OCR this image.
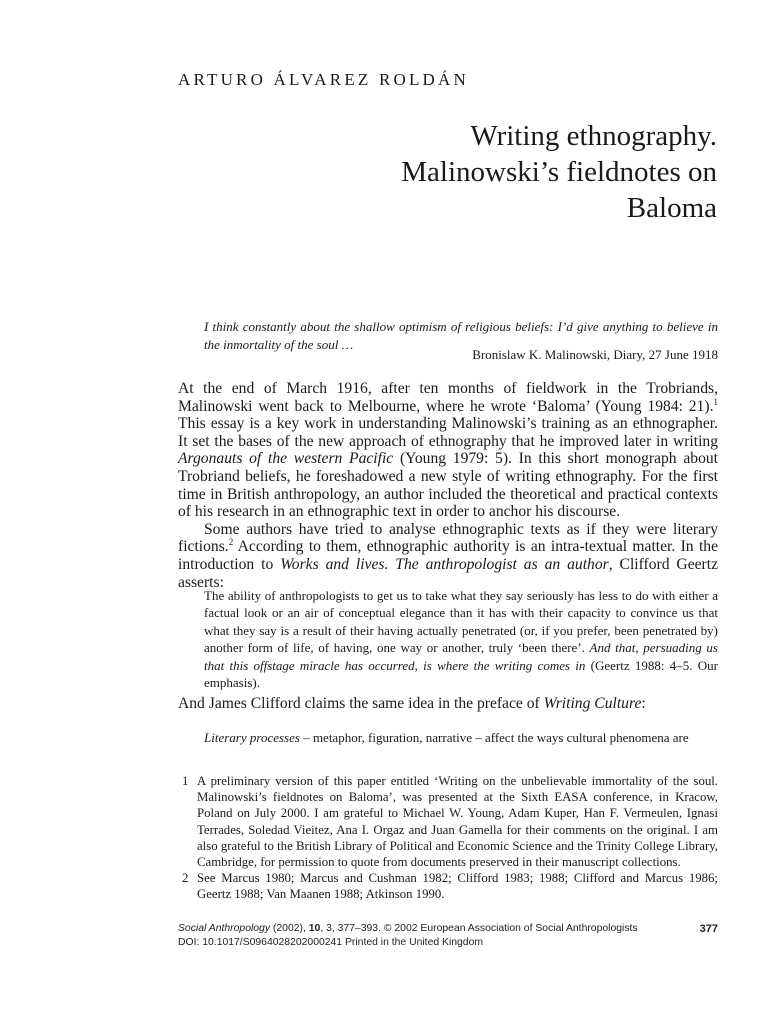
ARTURO ÁLVAREZ ROLDÁN
Writing ethnography.
Malinowski’s fieldnotes on
Baloma
I think constantly about the shallow optimism of religious beliefs: I’d give anything to believe in the inmortality of the soul …
Bronislaw K. Malinowski, Diary, 27 June 1918

At the end of March 1916, after ten months of fieldwork in the Trobriands, Malinowski went back to Melbourne, where he wrote ‘Baloma’ (Young 1984: 21).$^1$ This essay is a key work in understanding Malinowski’s training as an ethnographer. It set the bases of the new approach of ethnography that he improved later in writing Argonauts of the western Pacific (Young 1979: 5). In this short monograph about Trobriand beliefs, he foreshadowed a new style of writing ethnography. For the first time in British anthropology, an author included the theoretical and practical contexts of his research in an ethnographic text in order to anchor his discourse.

Some authors have tried to analyse ethnographic texts as if they were literary fictions.$^2$ According to them, ethnographic authority is an intra-textual matter. In the introduction to Works and lives. The anthropologist as an author, Clifford Geertz asserts:

The ability of anthropologists to get us to take what they say seriously has less to do with either a factual look or an air of conceptual elegance than it has with their capacity to convince us that what they say is a result of their having actually penetrated (or, if you prefer, been penetrated by) another form of life, of having, one way or another, truly ‘been there’. And that, persuading us that this offstage miracle has occurred, is where the writing comes in (Geertz 1988: 4–5. Our emphasis).
And James Clifford claims the same idea in the preface of Writing Culture:
Literary processes – metaphor, figuration, narrative – affect the ways cultural phenomena are
1 A preliminary version of this paper entitled ‘Writing on the unbelievable immortality of the soul. Malinowski’s fieldnotes on Baloma’, was presented at the Sixth EASA conference, in Kracow, Poland on July 2000. I am grateful to Michael W. Young, Adam Kuper, Han F. Vermeulen, Ignasi Terrades, Soledad Vieitez, Ana I. Orgaz and Juan Gamella for their comments on the original. I am also grateful to the British Library of Political and Economic Science and the Trinity College Library, Cambridge, for permission to quote from documents preserved in their manuscript collections.
2 See Marcus 1980; Marcus and Cushman 1982; Clifford 1983; 1988; Clifford and Marcus 1986; Geertz 1988; Van Maanen 1988; Atkinson 1990.
Social Anthropology (2002), 10, 3, 377–393. © 2002 European Association of Social Anthropologists	377
DOI: 10.1017/S0964028202000241 Printed in the United Kingdom
